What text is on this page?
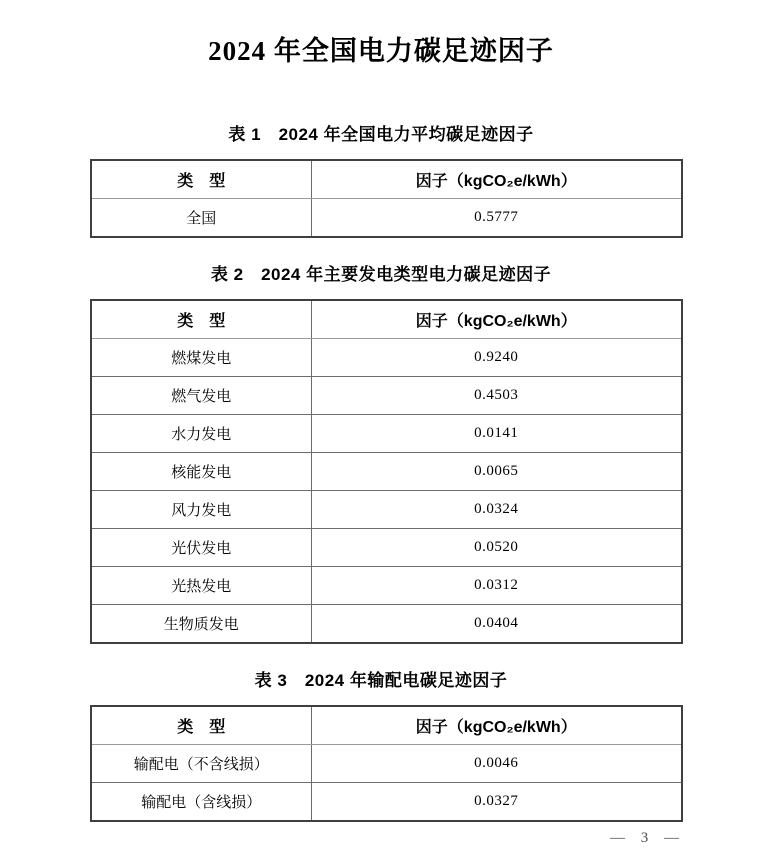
2024 年全国电力碳足迹因子
表 1　2024 年全国电力平均碳足迹因子
类　型	因子（kgCO₂e/kWh）
全国	0.5777
表 2　2024 年主要发电类型电力碳足迹因子
类　型	因子（kgCO₂e/kWh）
燃煤发电	0.9240
燃气发电	0.4503
水力发电	0.0141
核能发电	0.0065
风力发电	0.0324
光伏发电	0.0520
光热发电	0.0312
生物质发电	0.0404
表 3　2024 年输配电碳足迹因子
类　型	因子（kgCO₂e/kWh）
输配电（不含线损）	0.0046
输配电（含线损）	0.0327
— 3 —
